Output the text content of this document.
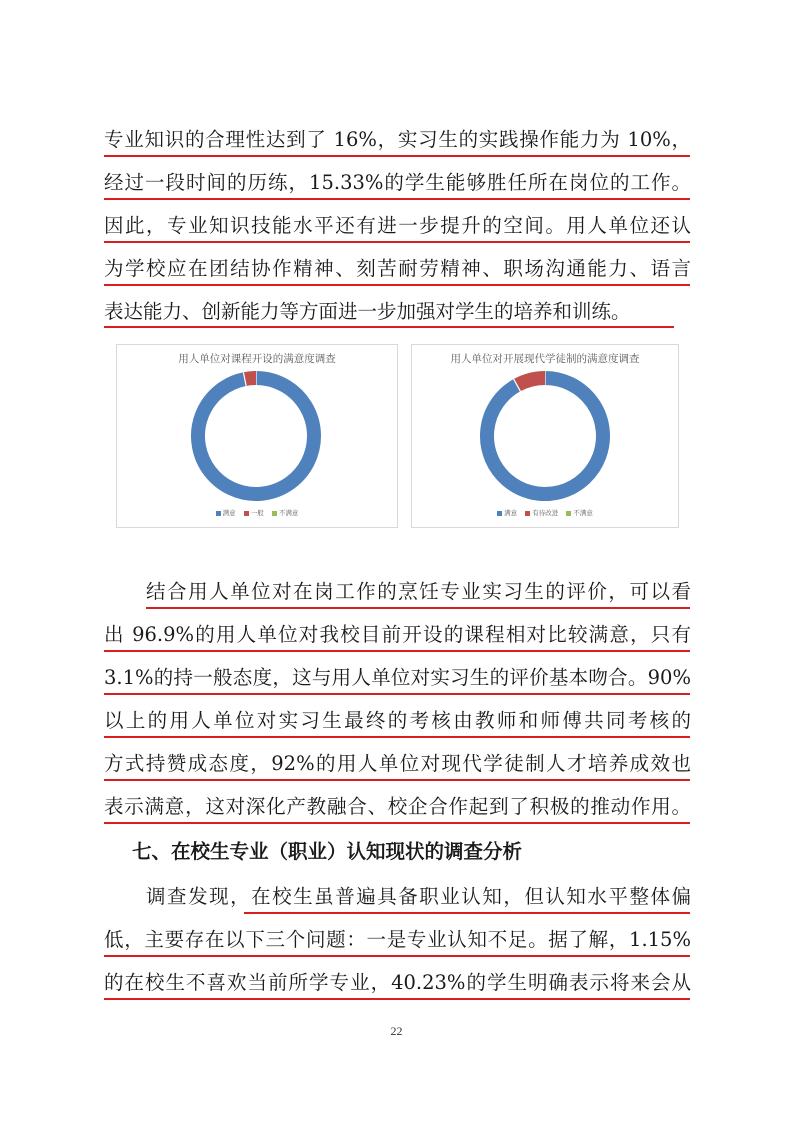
专业知识的合理性达到了 16%，实习生的实践操作能力为 10%，
经过一段时间的历练，15.33%的学生能够胜任所在岗位的工作。
因此，专业知识技能水平还有进一步提升的空间。用人单位还认
为学校应在团结协作精神、刻苦耐劳精神、职场沟通能力、语言
表达能力、创新能力等方面进一步加强对学生的培养和训练。
用人单位对课程开设的满意度调查
满意 一般 不满意
用人单位对开展现代学徒制的满意度调查
满意 有待改进 不满意
　　结合用人单位对在岗工作的烹饪专业实习生的评价，可以看
出 96.9%的用人单位对我校目前开设的课程相对比较满意，只有
3.1%的持一般态度，这与用人单位对实习生的评价基本吻合。90%
以上的用人单位对实习生最终的考核由教师和师傅共同考核的
方式持赞成态度，92%的用人单位对现代学徒制人才培养成效也
表示满意，这对深化产教融合、校企合作起到了积极的推动作用。
七、在校生专业（职业）认知现状的调查分析
　　调查发现，在校生虽普遍具备职业认知，但认知水平整体偏
低，主要存在以下三个问题：一是专业认知不足。据了解，1.15%
的在校生不喜欢当前所学专业，40.23%的学生明确表示将来会从
22
